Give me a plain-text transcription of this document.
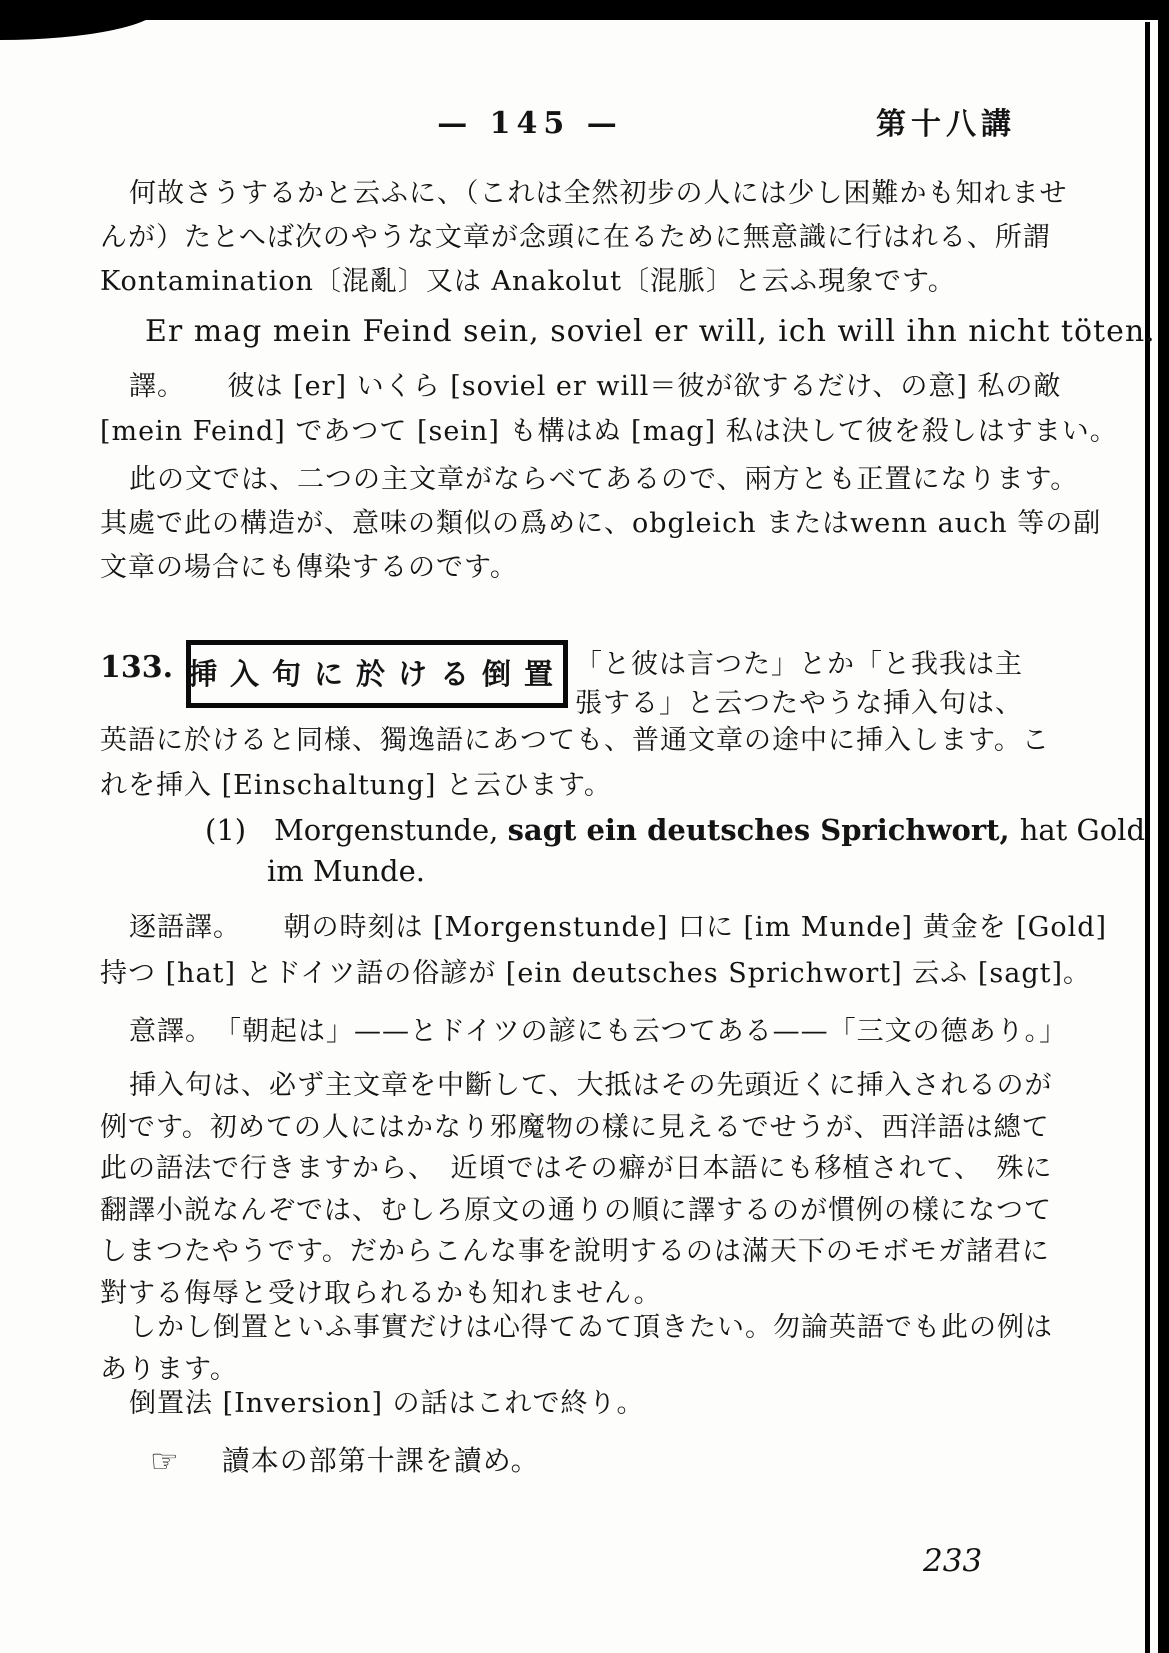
— 145 —	第十八講
何故さうするかと云ふに、（これは全然初步の人には少し困難かも知れませ
んが）たとへば次のやうな文章が念頭に在るために無意識に行はれる、所謂
Kontamination〔混亂〕又は Anakolut〔混脈〕と云ふ現象です。
Er mag mein Feind sein, soviel er will, ich will ihn nicht töten.
譯。　　彼は [er] いくら [soviel er will＝彼が欲するだけ、の意] 私の敵
[mein Feind] であつて [sein] も構はぬ [mag] 私は決して彼を殺しはすまい。
此の文では、二つの主文章がならべてあるので、兩方とも正置になります。
其處で此の構造が、意味の類似の爲めに、obgleich またはwenn auch 等の副
文章の場合にも傳染するのです。
133. 挿入句に於ける倒置 「と彼は言つた」とか「と我我は主
張する」と云つたやうな挿入句は、
英語に於けると同様、獨逸語にあつても、普通文章の途中に挿入します。こ
れを挿入 [Einschaltung] と云ひます。
(1) Morgenstunde, sagt ein deutsches Sprichwort, hat Gold
im Munde.
逐語譯。　　朝の時刻は [Morgenstunde] 口に [im Munde] 黄金を [Gold]
持つ [hat] とドイツ語の俗諺が [ein deutsches Sprichwort] 云ふ [sagt]。
意譯。　「朝起は」——とドイツの諺にも云つてある——「三文の德あり。」
挿入句は、必ず主文章を中斷して、大抵はその先頭近くに挿入されるのが
例です。初めての人にはかなり邪魔物の樣に見えるでせうが、西洋語は總て
此の語法で行きますから、　近頃ではその癖が日本語にも移植されて、　殊に
翻譯小説なんぞでは、むしろ原文の通りの順に譯するのが慣例の樣になつて
しまつたやうです。だからこんな事を說明するのは滿天下のモボモガ諸君に
對する侮辱と受け取られるかも知れません。
しかし倒置といふ事實だけは心得てゐて頂きたい。勿論英語でも此の例は
あります。
倒置法 [Inversion] の話はこれで終り。
☞ 讀本の部第十課を讀め。
233
